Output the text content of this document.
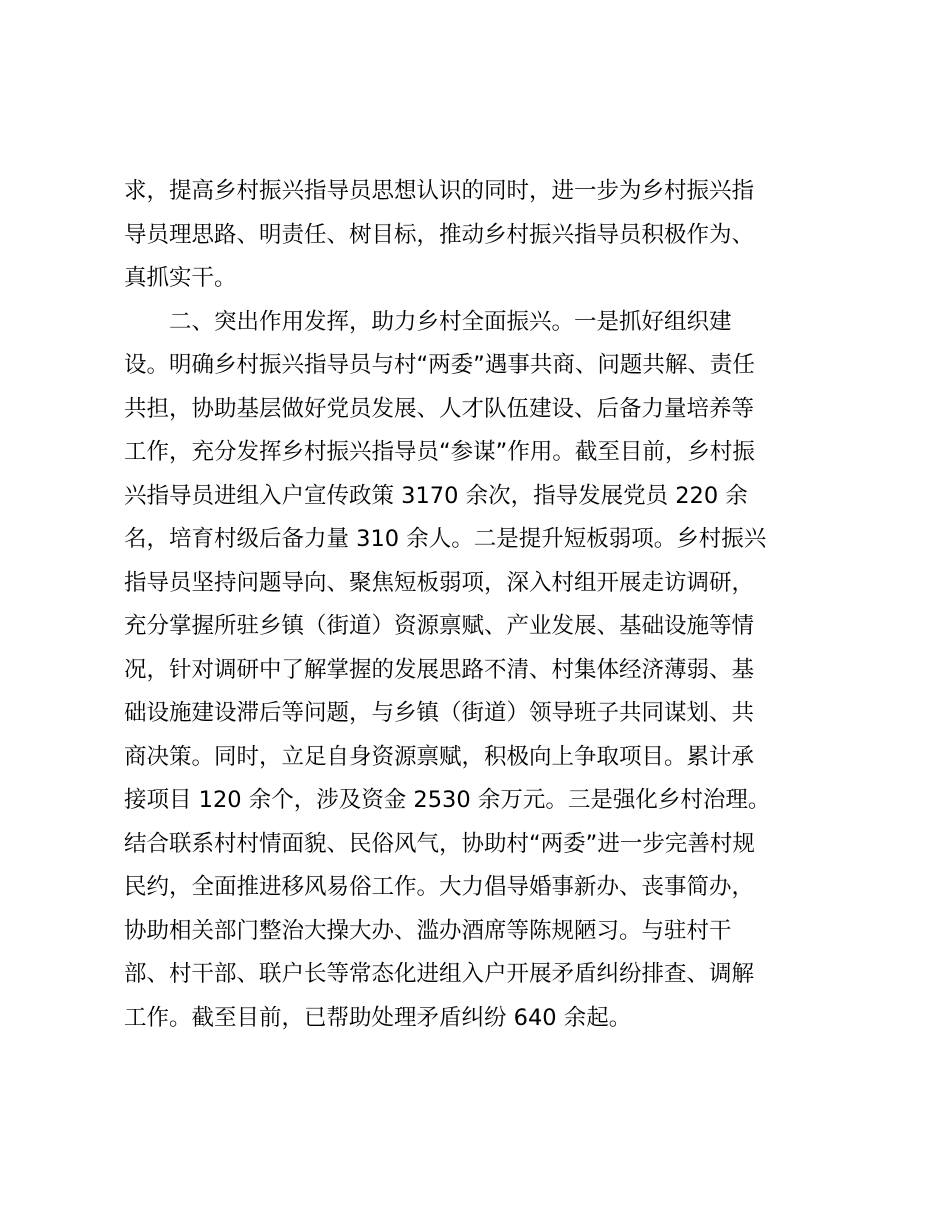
求，提高乡村振兴指导员思想认识的同时，进一步为乡村振兴指
导员理思路、明责任、树目标，推动乡村振兴指导员积极作为、
真抓实干。
　　二、突出作用发挥，助力乡村全面振兴。一是抓好组织建
设。明确乡村振兴指导员与村“两委”遇事共商、问题共解、责任
共担，协助基层做好党员发展、人才队伍建设、后备力量培养等
工作，充分发挥乡村振兴指导员“参谋”作用。截至目前，乡村振
兴指导员进组入户宣传政策 3170 余次，指导发展党员 220 余
名，培育村级后备力量 310 余人。二是提升短板弱项。乡村振兴
指导员坚持问题导向、聚焦短板弱项，深入村组开展走访调研，
充分掌握所驻乡镇（街道）资源禀赋、产业发展、基础设施等情
况，针对调研中了解掌握的发展思路不清、村集体经济薄弱、基
础设施建设滞后等问题，与乡镇（街道）领导班子共同谋划、共
商决策。同时，立足自身资源禀赋，积极向上争取项目。累计承
接项目 120 余个，涉及资金 2530 余万元。三是强化乡村治理。
结合联系村村情面貌、民俗风气，协助村“两委”进一步完善村规
民约，全面推进移风易俗工作。大力倡导婚事新办、丧事简办，
协助相关部门整治大操大办、滥办酒席等陈规陋习。与驻村干
部、村干部、联户长等常态化进组入户开展矛盾纠纷排查、调解
工作。截至目前，已帮助处理矛盾纠纷 640 余起。
